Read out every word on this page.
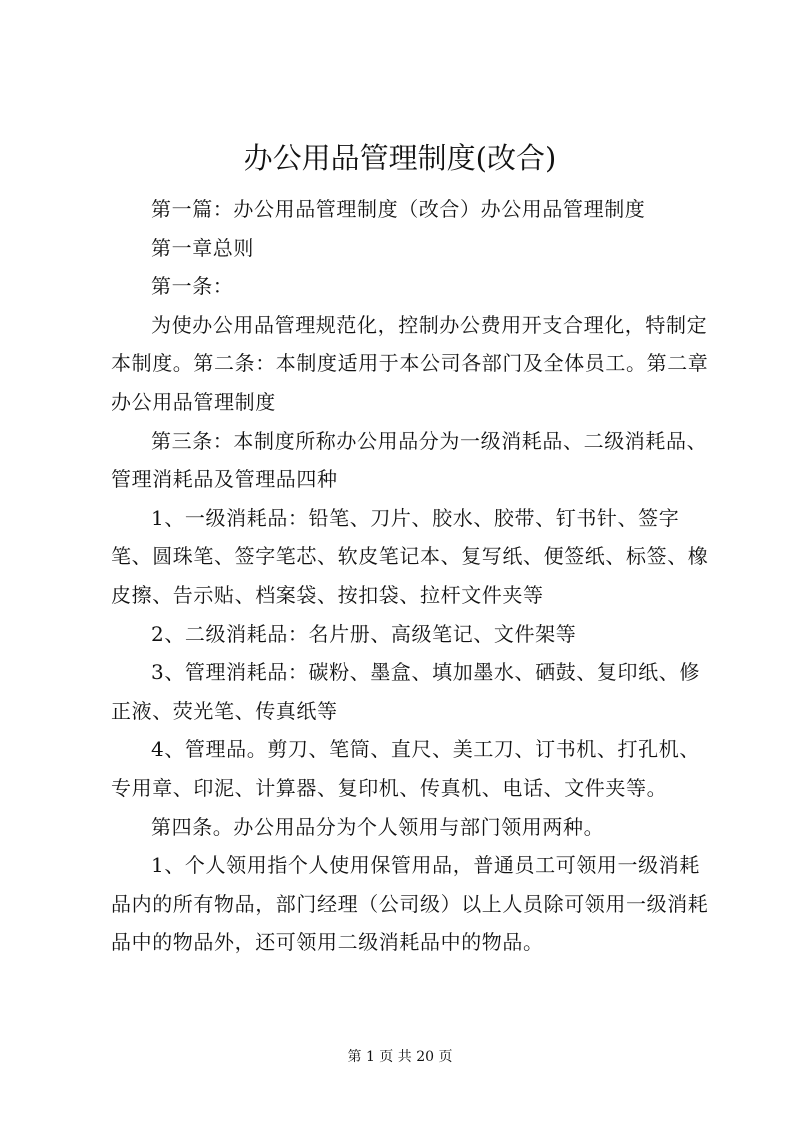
办公用品管理制度(改合)

第一篇：办公用品管理制度（改合）办公用品管理制度

第一章总则

第一条：

为使办公用品管理规范化，控制办公费用开支合理化，特制定本制度。第二条：本制度适用于本公司各部门及全体员工。第二章办公用品管理制度

第三条：本制度所称办公用品分为一级消耗品、二级消耗品、管理消耗品及管理品四种

1、一级消耗品：铅笔、刀片、胶水、胶带、钉书针、签字笔、圆珠笔、签字笔芯、软皮笔记本、复写纸、便签纸、标签、橡皮擦、告示贴、档案袋、按扣袋、拉杆文件夹等

2、二级消耗品：名片册、高级笔记、文件架等

3、管理消耗品：碳粉、墨盒、填加墨水、硒鼓、复印纸、修正液、荧光笔、传真纸等

4、管理品。剪刀、笔筒、直尺、美工刀、订书机、打孔机、专用章、印泥、计算器、复印机、传真机、电话、文件夹等。

第四条。办公用品分为个人领用与部门领用两种。

1、个人领用指个人使用保管用品，普通员工可领用一级消耗品内的所有物品，部门经理（公司级）以上人员除可领用一级消耗品中的物品外，还可领用二级消耗品中的物品。

第 1 页 共 20 页
